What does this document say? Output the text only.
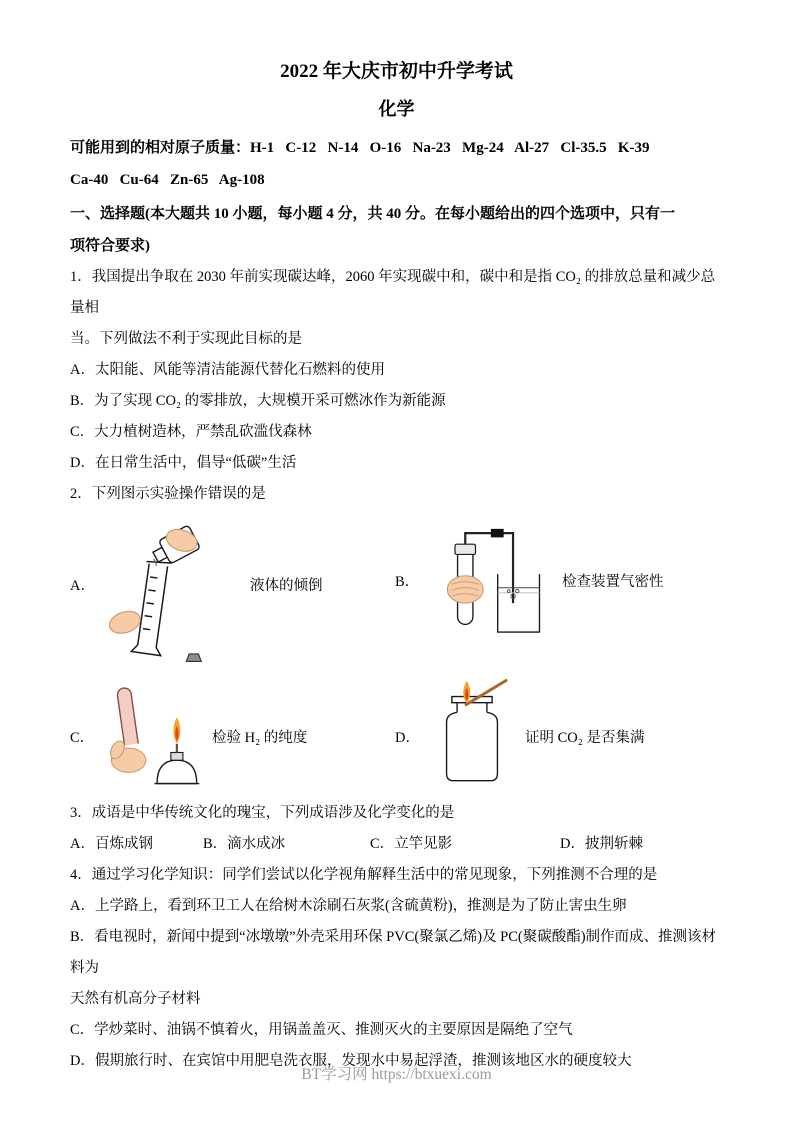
2022 年大庆市初中升学考试
化学
可能用到的相对原子质量：H-1   C-12   N-14   O-16   Na-23   Mg-24   Al-27   Cl-35.5   K-39
Ca-40   Cu-64   Zn-65   Ag-108
一、选择题(本大题共 10 小题，每小题 4 分，共 40 分。在每小题给出的四个选项中，只有一
项符合要求)
1．我国提出争取在 2030 年前实现碳达峰，2060 年实现碳中和，碳中和是指 CO₂ 的排放总量和减少总量相
当。下列做法不利于实现此目标的是
A．太阳能、风能等清洁能源代替化石燃料的使用
B．为了实现 CO₂ 的零排放，大规模开采可燃冰作为新能源
C．大力植树造林，严禁乱砍滥伐森林
D．在日常生活中，倡导“低碳”生活
2．下列图示实验操作错误的是
A．	液体的倾倒	B．	检查装置气密性
C．	检验 H₂ 的纯度	D．	证明 CO₂ 是否集满
3．成语是中华传统文化的瑰宝，下列成语涉及化学变化的是
A．百炼成钢	B．滴水成冰	C．立竿见影	D．披荆斩棘
4．通过学习化学知识：同学们尝试以化学视角解释生活中的常见现象，下列推测不合理的是
A．上学路上，看到环卫工人在给树木涂刷石灰浆(含硫黄粉)，推测是为了防止害虫生卵
B．看电视时，新闻中提到“冰墩墩”外壳采用环保 PVC(聚氯乙烯)及 PC(聚碳酸酯)制作而成、推测该材料为
天然有机高分子材料
C．学炒菜时、油锅不慎着火，用锅盖盖灭、推测灭火的主要原因是隔绝了空气
D．假期旅行时、在宾馆中用肥皂洗衣服，发现水中易起浮渣，推测该地区水的硬度较大
BT学习网 https://btxuexi.com
